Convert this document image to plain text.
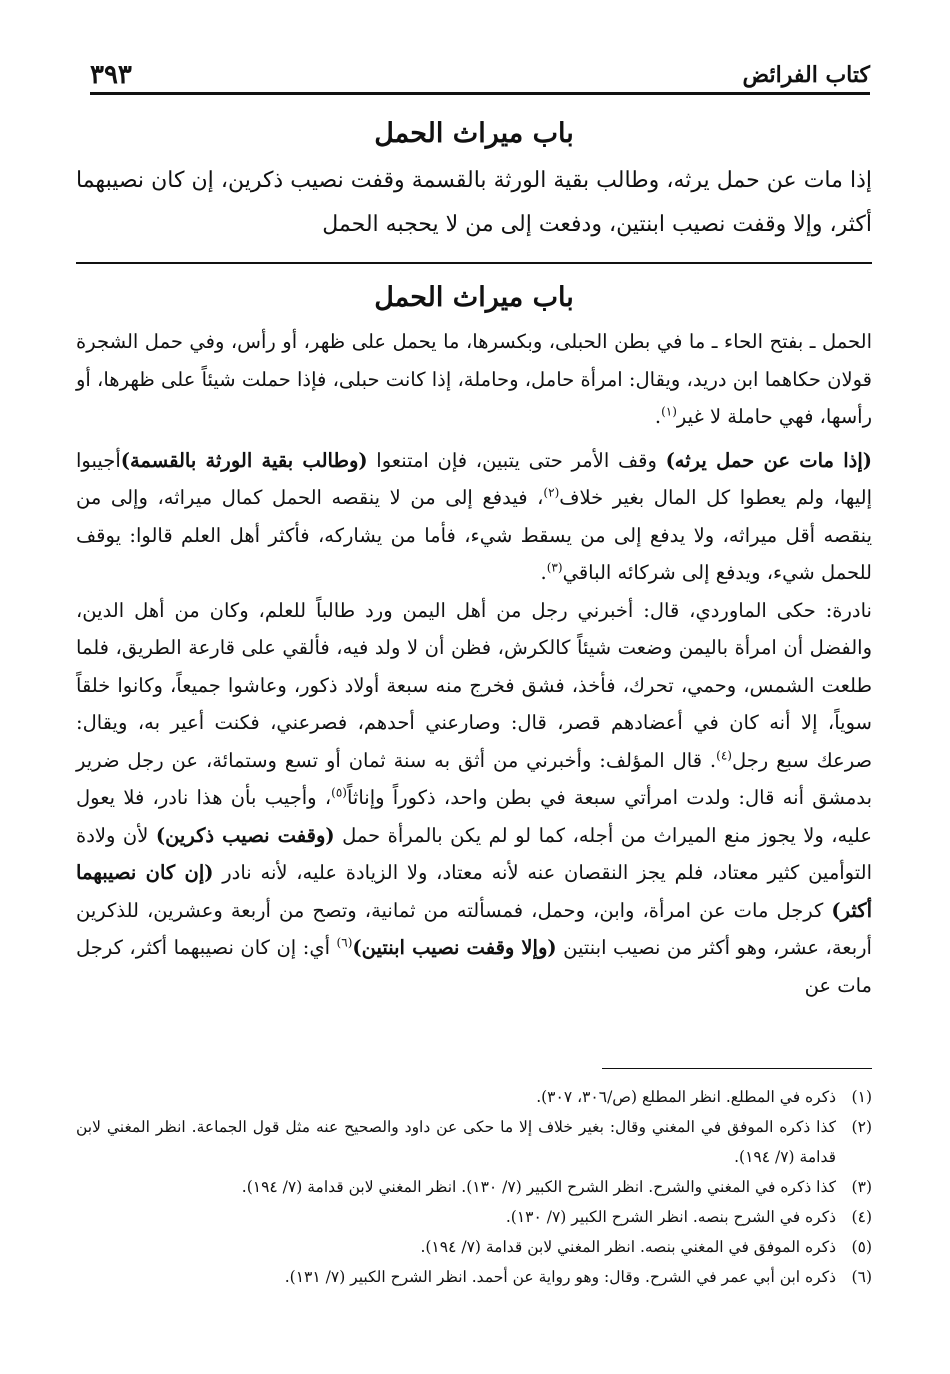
كتاب الفرائض
٣٩٣
باب ميراث الحمل

إذا مات عن حمل يرثه، وطالب بقية الورثة بالقسمة وقفت نصيب ذكرين، إن كان نصيبهما أكثر، وإلا وقفت نصيب ابنتين، ودفعت إلى من لا يحجبه الحمل

باب ميراث الحمل

الحمل ـ بفتح الحاء ـ ما في بطن الحبلى، وبكسرها، ما يحمل على ظهر، أو رأس، وفي حمل الشجرة قولان حكاهما ابن دريد، ويقال: امرأة حامل، وحاملة، إذا كانت حبلى، فإذا حملت شيئاً على ظهرها، أو رأسها، فهي حاملة لا غير$^{(١)}$.

(إذا مات عن حمل يرثه) وقف الأمر حتى يتبين، فإن امتنعوا (وطالب بقية الورثة بالقسمة)أجيبوا إليها، ولم يعطوا كل المال بغير خلاف$^{(٢)}$، فيدفع إلى من لا ينقصه الحمل كمال ميراثه، وإلى من ينقصه أقل ميراثه، ولا يدفع إلى من يسقط شيء، فأما من يشاركه، فأكثر أهل العلم قالوا: يوقف للحمل شيء، ويدفع إلى شركائه الباقي$^{(٣)}$.

نادرة: حكى الماوردي، قال: أخبرني رجل من أهل اليمن ورد طالباً للعلم، وكان من أهل الدين، والفضل أن امرأة باليمن وضعت شيئاً كالكرش، فظن أن لا ولد فيه، فألقي على قارعة الطريق، فلما طلعت الشمس، وحمي، تحرك، فأخذ، فشق فخرج منه سبعة أولاد ذكور، وعاشوا جميعاً، وكانوا خلقاً سوياً، إلا أنه كان في أعضادهم قصر، قال: وصارعني أحدهم، فصرعني، فكنت أعير به، ويقال: صرعك سبع رجل$^{(٤)}$. قال المؤلف: وأخبرني من أثق به سنة ثمان أو تسع وستمائة، عن رجل ضرير بدمشق أنه قال: ولدت امرأتي سبعة في بطن واحد، ذكوراً وإناثاً$^{(٥)}$، وأجيب بأن هذا نادر، فلا يعول عليه، ولا يجوز منع الميراث من أجله، كما لو لم يكن بالمرأة حمل (وقفت نصيب ذكرين) لأن ولادة التوأمين كثير معتاد، فلم يجز النقصان عنه لأنه معتاد، ولا الزيادة عليه، لأنه نادر (إن كان نصيبهما أكثر) كرجل مات عن امرأة، وابن، وحمل، فمسألته من ثمانية، وتصح من أربعة وعشرين، للذكرين أربعة، عشر، وهو أكثر من نصيب ابنتين (وإلا وقفت نصيب ابنتين)$^{(٦)}$ أي: إن كان نصيبهما أكثر، كرجل مات عن

(١)
ذكره في المطلع. انظر المطلع (ص/٣٠٦، ٣٠٧).
(٢)
كذا ذكره الموفق في المغني وقال: بغير خلاف إلا ما حكى عن داود والصحيح عنه مثل قول الجماعة. انظر المغني لابن قدامة (٧/ ١٩٤).
(٣)
كذا ذكره في المغني والشرح. انظر الشرح الكبير (٧/ ١٣٠). انظر المغني لابن قدامة (٧/ ١٩٤).
(٤)
ذكره في الشرح بنصه. انظر الشرح الكبير (٧/ ١٣٠).
(٥)
ذكره الموفق في المغني بنصه. انظر المغني لابن قدامة (٧/ ١٩٤).
(٦)
ذكره ابن أبي عمر في الشرح. وقال: وهو رواية عن أحمد. انظر الشرح الكبير (٧/ ١٣١).
